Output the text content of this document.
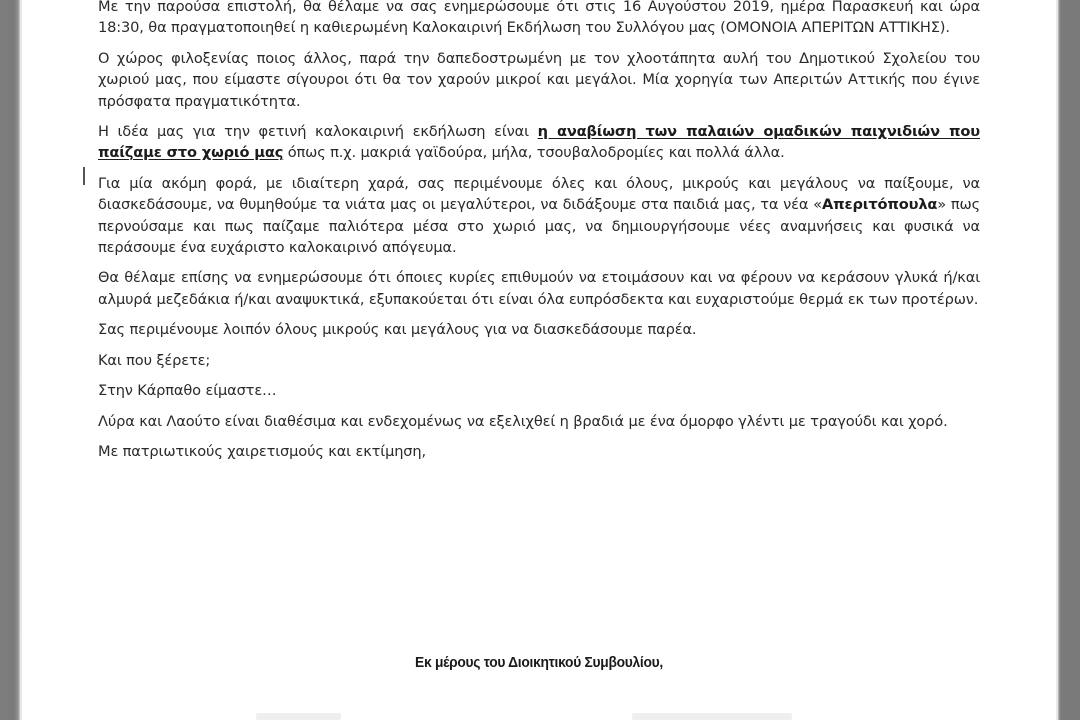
Με την παρούσα επιστολή, θα θέλαμε να σας ενημερώσουμε ότι στις 16 Αυγούστου 2019, ημέρα Παρασκευή και ώρα 18:30, θα πραγματοποιηθεί η καθιερωμένη Καλοκαιρινή Εκδήλωση του Συλλόγου μας (ΟΜΟΝΟΙΑ ΑΠΕΡΙΤΩΝ ΑΤΤΙΚΗΣ).

Ο χώρος φιλοξενίας ποιος άλλος, παρά την δαπεδοστρωμένη με τον χλοοτάπητα αυλή του Δημοτικού Σχολείου του χωριού μας, που είμαστε σίγουροι ότι θα τον χαρούν μικροί και μεγάλοι. Μία χορηγία των Απεριτών Αττικής που έγινε πρόσφατα πραγματικότητα.

Η ιδέα μας για την φετινή καλοκαιρινή εκδήλωση είναι η αναβίωση των παλαιών ομαδικών παιχνιδιών που παίζαμε στο χωριό μας όπως π.χ. μακριά γαϊδούρα, μήλα, τσουβαλοδρομίες και πολλά άλλα.

Για μία ακόμη φορά, με ιδιαίτερη χαρά, σας περιμένουμε όλες και όλους, μικρούς και μεγάλους να παίξουμε, να διασκεδάσουμε, να θυμηθούμε τα νιάτα μας οι μεγαλύτεροι, να διδάξουμε στα παιδιά μας, τα νέα «Απεριτόπουλα» πως περνούσαμε και πως παίζαμε παλιότερα μέσα στο χωριό μας, να δημιουργήσουμε νέες αναμνήσεις και φυσικά να περάσουμε ένα ευχάριστο καλοκαιρινό απόγευμα.

Θα θέλαμε επίσης να ενημερώσουμε ότι όποιες κυρίες επιθυμούν να ετοιμάσουν και να φέρουν να κεράσουν γλυκά ή/και αλμυρά μεζεδάκια ή/και αναψυκτικά, εξυπακούεται ότι είναι όλα ευπρόσδεκτα και ευχαριστούμε θερμά εκ των προτέρων.

Σας περιμένουμε λοιπόν όλους μικρούς και μεγάλους για να διασκεδάσουμε παρέα.

Και που ξέρετε;

Στην Κάρπαθο είμαστε…

Λύρα και Λαούτο είναι διαθέσιμα και ενδεχομένως να εξελιχθεί η βραδιά με ένα όμορφο γλέντι με τραγούδι και χορό.

Με πατριωτικούς χαιρετισμούς και εκτίμηση,

Εκ μέρους του Διοικητικού Συμβουλίου,
